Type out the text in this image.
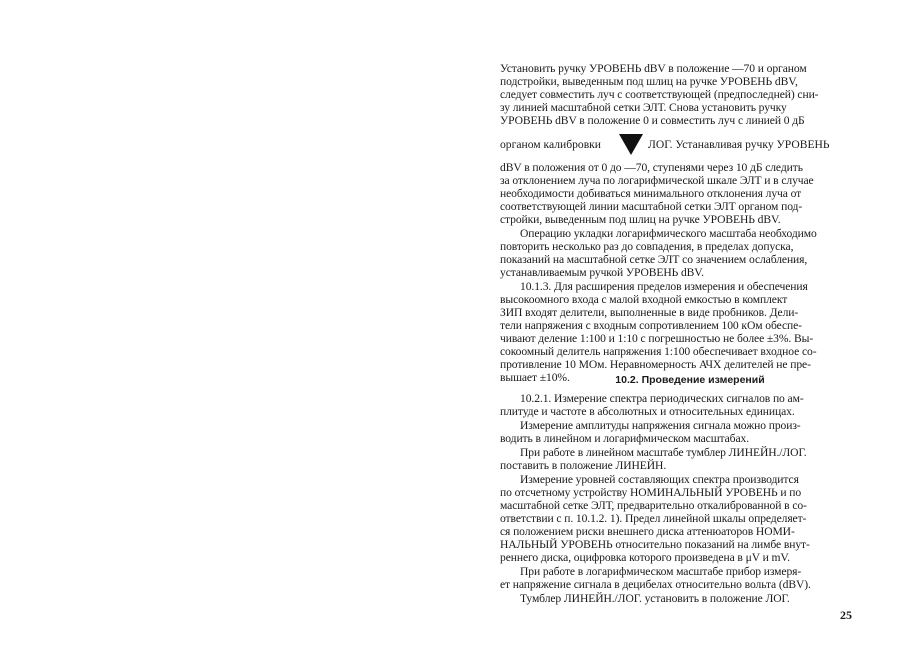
Установить ручку УРОВЕНЬ dBV в положение —70 и органом
подстройки, выведенным под шлиц на ручке УРОВЕНЬ dBV,
следует совместить луч с соответствующей (предпоследней) сни-
зу линией масштабной сетки ЭЛТ. Снова установить ручку
УРОВЕНЬ dBV в положение 0 и совместить луч с линией 0 дБ
органом калибровки	ЛОГ. Устанавливая ручку УРОВЕНЬ
dBV в положения от 0 до —70, ступенями через 10 дБ следить
за отклонением луча по логарифмической шкале ЭЛТ и в случае
необходимости добиваться минимального отклонения луча от
соответствующей линии масштабной сетки ЭЛТ органом под-
стройки, выведенным под шлиц на ручке УРОВЕНЬ dBV.
Операцию укладки логарифмического масштаба необходимо
повторить несколько раз до совпадения, в пределах допуска,
показаний на масштабной сетке ЭЛТ со значением ослабления,
устанавливаемым ручкой УРОВЕНЬ dBV.
10.1.3. Для расширения пределов измерения и обеспечения
высокоомного входа с малой входной емкостью в комплект
ЗИП входят делители, выполненные в виде пробников. Дели-
тели напряжения с входным сопротивлением 100 кОм обеспе-
чивают деление 1:100 и 1:10 с погрешностью не более ±3%. Вы-
сокоомный делитель напряжения 1:100 обеспечивает входное со-
противление 10 МОм. Неравномерность АЧХ делителей не пре-
вышает ±10%.	10.2. Проведение измерений
10.2.1. Измерение спектра периодических сигналов по ам-
плитуде и частоте в абсолютных и относительных единицах.
Измерение амплитуды напряжения сигнала можно произ-
водить в линейном и логарифмическом масштабах.
При работе в линейном масштабе тумблер ЛИНЕЙН./ЛОГ.
поставить в положение ЛИНЕЙН.
Измерение уровней составляющих спектра производится
по отсчетному устройству НОМИНАЛЬНЫЙ УРОВЕНЬ и по
масштабной сетке ЭЛТ, предварительно откалиброванной в со-
ответствии с п. 10.1.2. 1). Предел линейной шкалы определяет-
ся положением риски внешнего диска аттенюаторов НОМИ-
НАЛЬНЫЙ УРОВЕНЬ относительно показаний на лимбе внут-
реннего диска, оцифровка которого произведена в μV и mV.
При работе в логарифмическом масштабе прибор измеря-
ет напряжение сигнала в децибелах относительно вольта (dBV).
Тумблер ЛИНЕЙН./ЛОГ. установить в положение ЛОГ.
25
